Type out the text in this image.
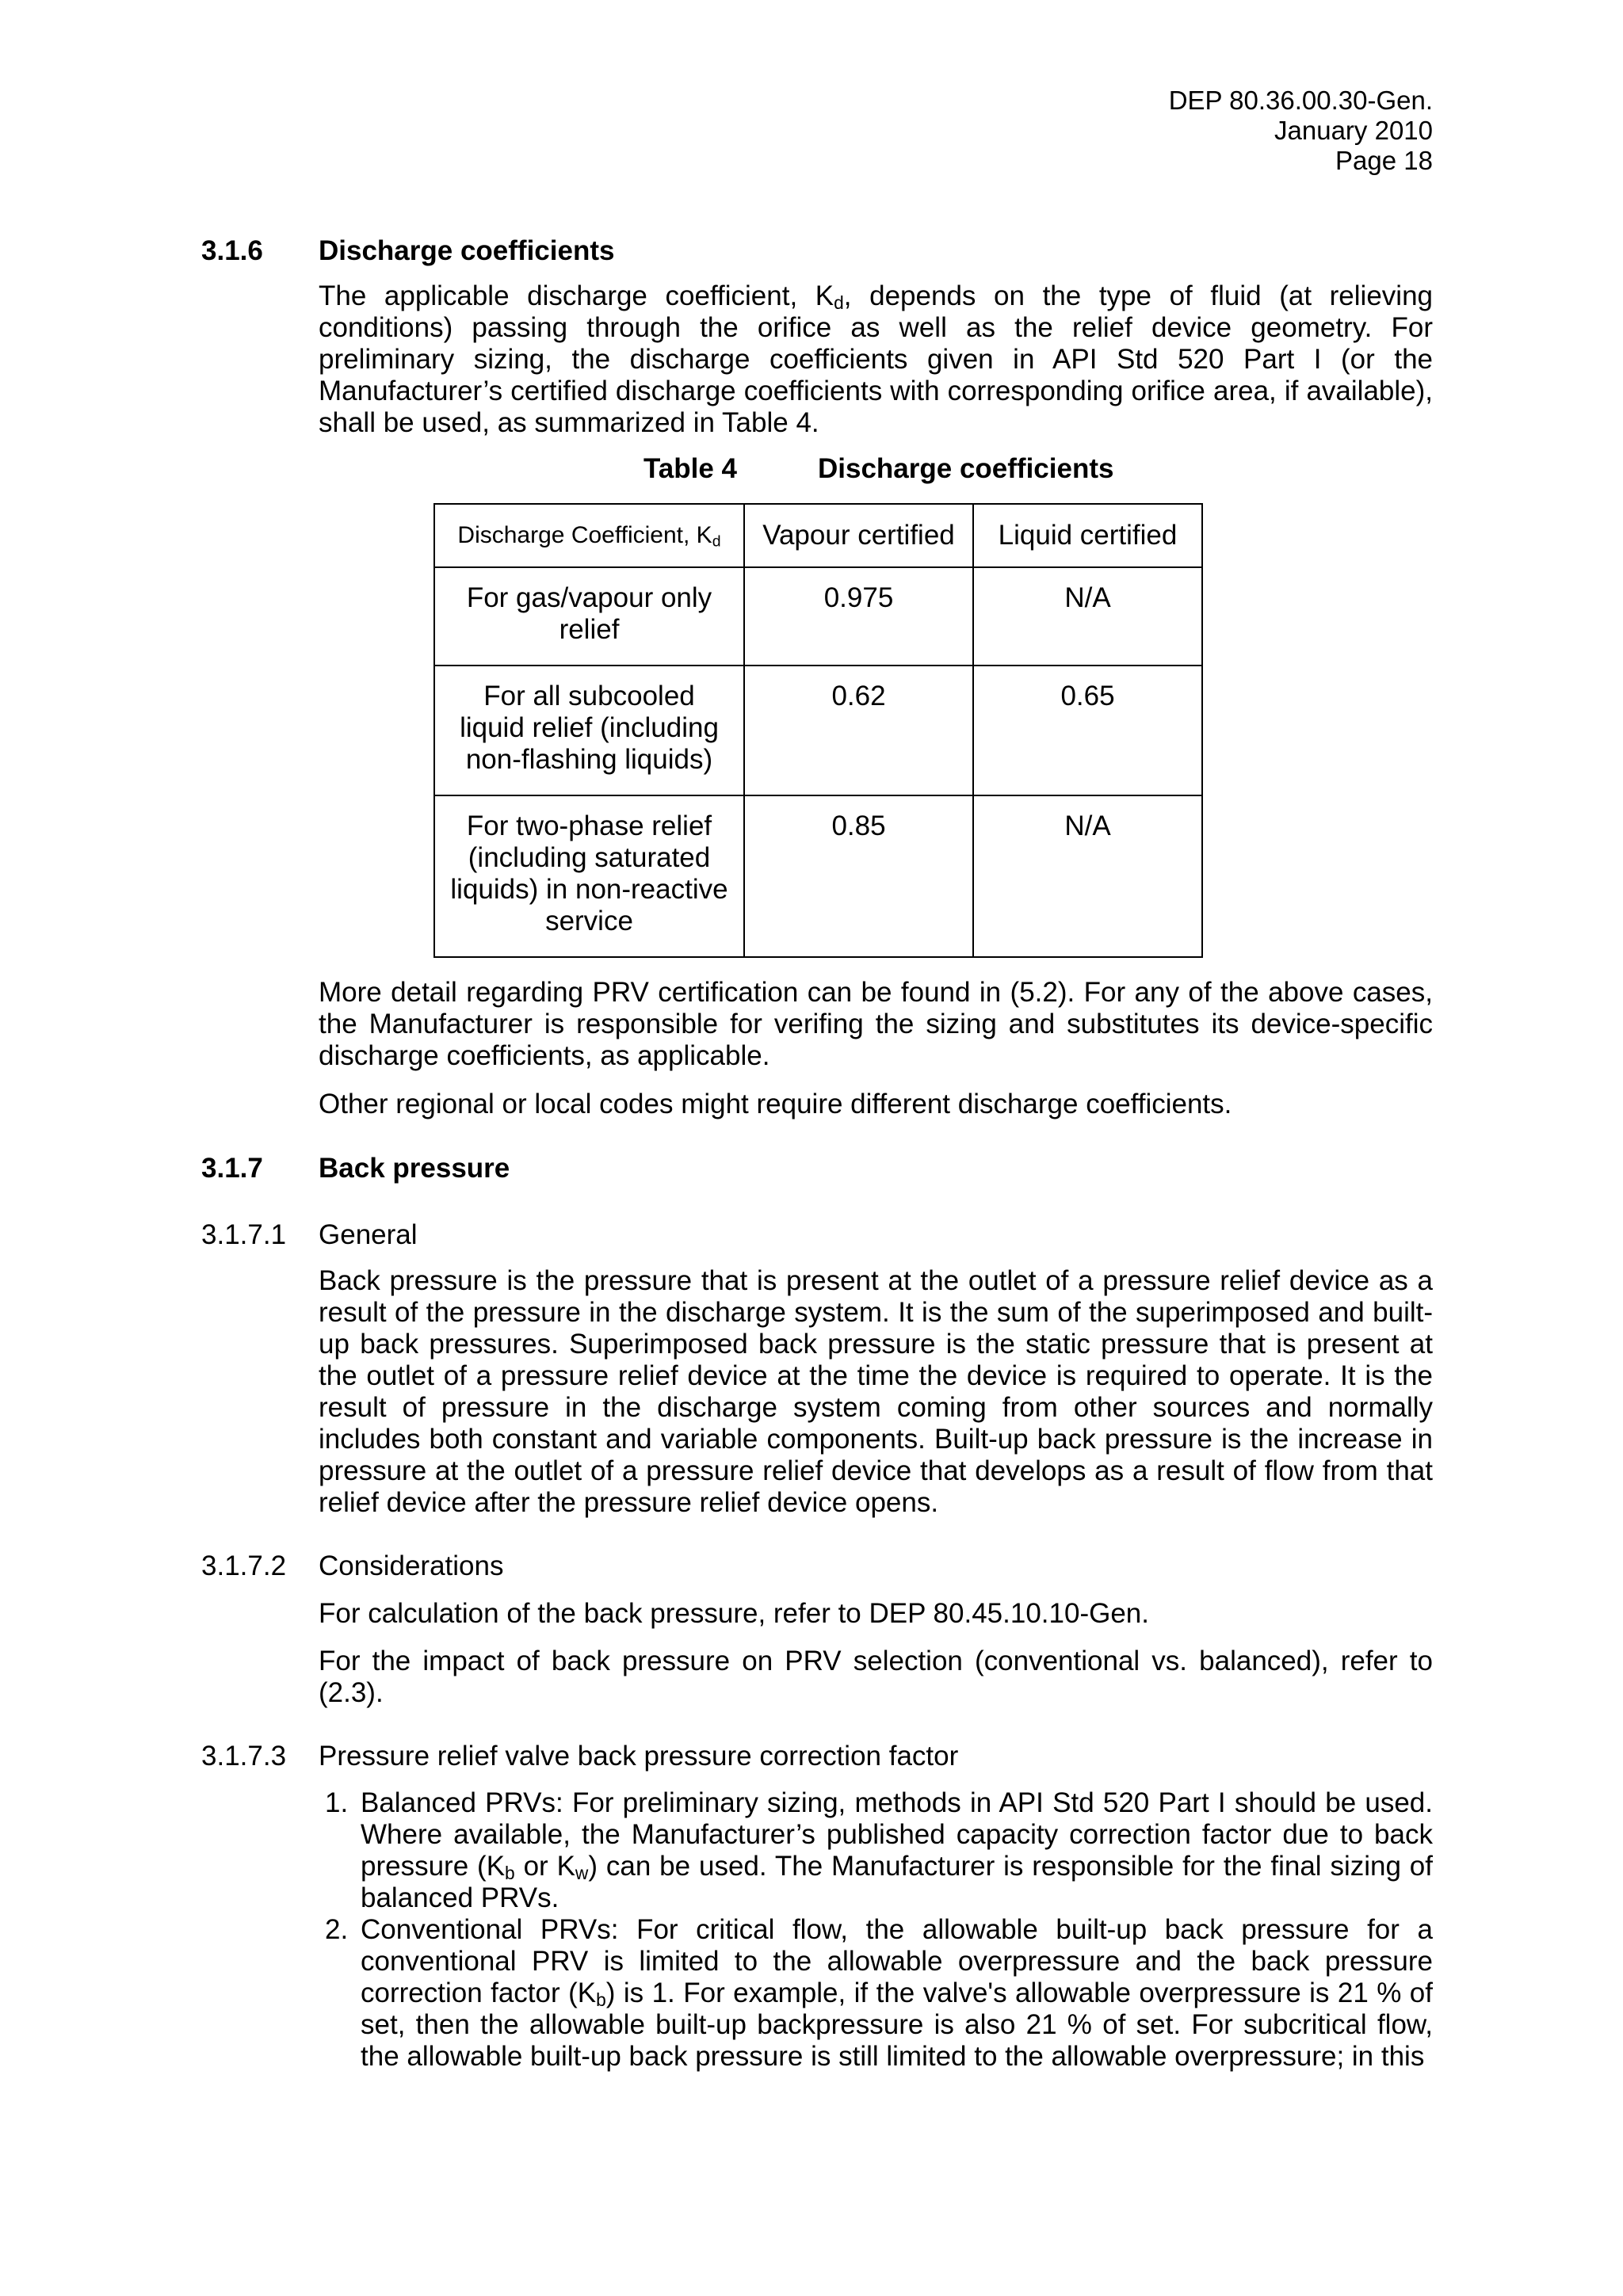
DEP 80.36.00.30-Gen.
January 2010
Page 18
3.1.6 Discharge coefficients

The applicable discharge coefficient, $K_d$, depends on the type of fluid (at relieving conditions) passing through the orifice as well as the relief device geometry. For preliminary sizing, the discharge coefficients given in API Std 520 Part I (or the Manufacturer’s certified discharge coefficients with corresponding orifice area, if available), shall be used, as summarized in Table 4.

Table 4	Discharge coefficients
Discharge Coefficient, $K_d$	Vapour certified	Liquid certified

For gas/vapour only relief	0.975	N/A

For all subcooled liquid relief (including non-flashing liquids)	0.62	0.65

For two-phase relief (including saturated liquids) in non-reactive service	0.85	N/A
More detail regarding PRV certification can be found in (5.2). For any of the above cases, the Manufacturer is responsible for verifing the sizing and substitutes its device-specific discharge coefficients, as applicable.
Other regional or local codes might require different discharge coefficients.
3.1.7 Back pressure
3.1.7.1 General
Back pressure is the pressure that is present at the outlet of a pressure relief device as a result of the pressure in the discharge system. It is the sum of the superimposed and built-up back pressures. Superimposed back pressure is the static pressure that is present at the outlet of a pressure relief device at the time the device is required to operate. It is the result of pressure in the discharge system coming from other sources and normally includes both constant and variable components. Built-up back pressure is the increase in pressure at the outlet of a pressure relief device that develops as a result of flow from that relief device after the pressure relief device opens.
3.1.7.2 Considerations
For calculation of the back pressure, refer to DEP 80.45.10.10-Gen.
For the impact of back pressure on PRV selection (conventional vs. balanced), refer to (2.3).
3.1.7.3 Pressure relief valve back pressure correction factor
1. Balanced PRVs: For preliminary sizing, methods in API Std 520 Part I should be used. Where available, the Manufacturer’s published capacity correction factor due to back pressure ($K_b$ or $K_w$) can be used. The Manufacturer is responsible for the final sizing of balanced PRVs.
2. Conventional PRVs: For critical flow, the allowable built-up back pressure for a conventional PRV is limited to the allowable overpressure and the back pressure correction factor $(K_b)$ is 1. For example, if the valve's allowable overpressure is 21 % of set, then the allowable built-up backpressure is also 21 % of set. For subcritical flow, the allowable built-up back pressure is still limited to the allowable overpressure; in this
